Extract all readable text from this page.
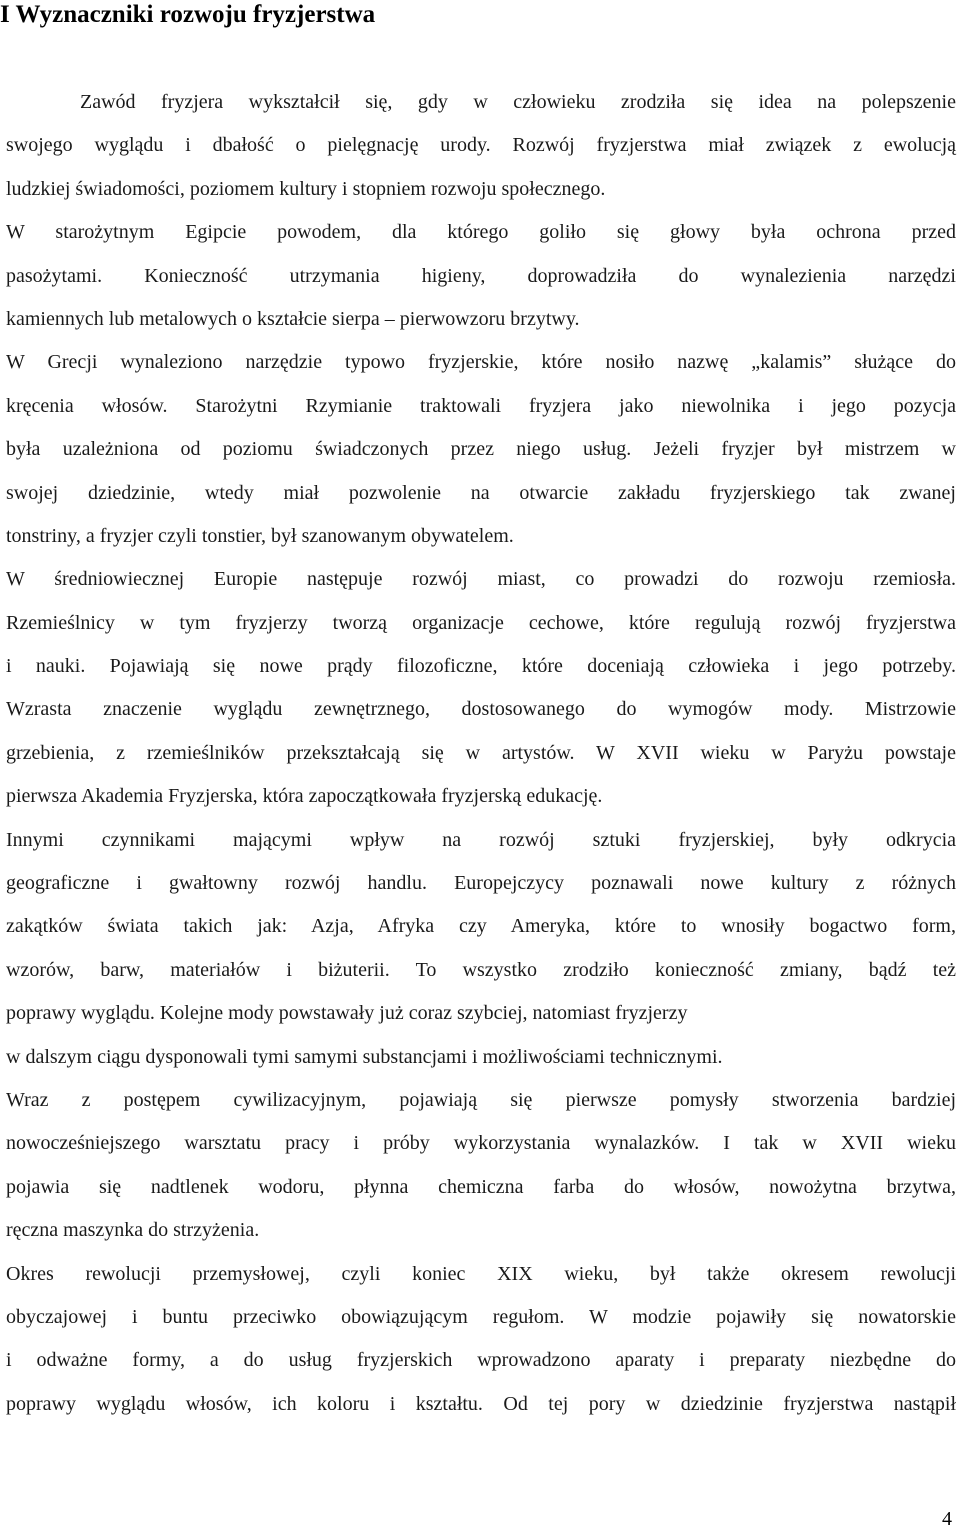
I Wyznaczniki rozwoju fryzjerstwa
Zawód fryzjera wykształcił się, gdy w człowieku zrodziła się idea na polepszenie
swojego wyglądu i dbałość o pielęgnację urody. Rozwój fryzjerstwa miał związek z ewolucją
ludzkiej świadomości, poziomem kultury i stopniem rozwoju społecznego.
W starożytnym Egipcie powodem, dla którego goliło się głowy była ochrona przed
pasożytami. Konieczność utrzymania higieny, doprowadziła do wynalezienia narzędzi
kamiennych lub metalowych o kształcie sierpa – pierwowzoru brzytwy.
W Grecji wynaleziono narzędzie typowo fryzjerskie, które nosiło nazwę „kalamis” służące do
kręcenia włosów. Starożytni Rzymianie traktowali fryzjera jako niewolnika i jego pozycja
była uzależniona od poziomu świadczonych przez niego usług. Jeżeli fryzjer był mistrzem w
swojej dziedzinie, wtedy miał pozwolenie na otwarcie zakładu fryzjerskiego tak zwanej
tonstriny, a fryzjer czyli tonstier, był szanowanym obywatelem.
W średniowiecznej Europie następuje rozwój miast, co prowadzi do rozwoju rzemiosła.
Rzemieślnicy w tym fryzjerzy tworzą organizacje cechowe, które regulują rozwój fryzjerstwa
i nauki. Pojawiają się nowe prądy filozoficzne, które doceniają człowieka i jego potrzeby.
Wzrasta znaczenie wyglądu zewnętrznego, dostosowanego do wymogów mody. Mistrzowie
grzebienia, z rzemieślników przekształcają się w artystów. W XVII wieku w Paryżu powstaje
pierwsza Akademia Fryzjerska, która zapoczątkowała fryzjerską edukację.
Innymi czynnikami mającymi wpływ na rozwój sztuki fryzjerskiej, były odkrycia
geograficzne i gwałtowny rozwój handlu. Europejczycy poznawali nowe kultury z różnych
zakątków świata takich jak: Azja, Afryka czy Ameryka, które to wnosiły bogactwo form,
wzorów, barw, materiałów i biżuterii. To wszystko zrodziło konieczność zmiany, bądź też
poprawy wyglądu. Kolejne mody powstawały już coraz szybciej, natomiast fryzjerzy
w dalszym ciągu dysponowali tymi samymi substancjami i możliwościami technicznymi.
Wraz z postępem cywilizacyjnym, pojawiają się pierwsze pomysły stworzenia bardziej
nowocześniejszego warsztatu pracy i próby wykorzystania wynalazków. I tak w XVII wieku
pojawia się nadtlenek wodoru, płynna chemiczna farba do włosów, nowożytna brzytwa,
ręczna maszynka do strzyżenia.
Okres rewolucji przemysłowej, czyli koniec XIX wieku, był także okresem rewolucji
obyczajowej i buntu przeciwko obowiązującym regułom. W modzie pojawiły się nowatorskie
i odważne formy, a do usług fryzjerskich wprowadzono aparaty i preparaty niezbędne do
poprawy wyglądu włosów, ich koloru i kształtu. Od tej pory w dziedzinie fryzjerstwa nastąpił
4
